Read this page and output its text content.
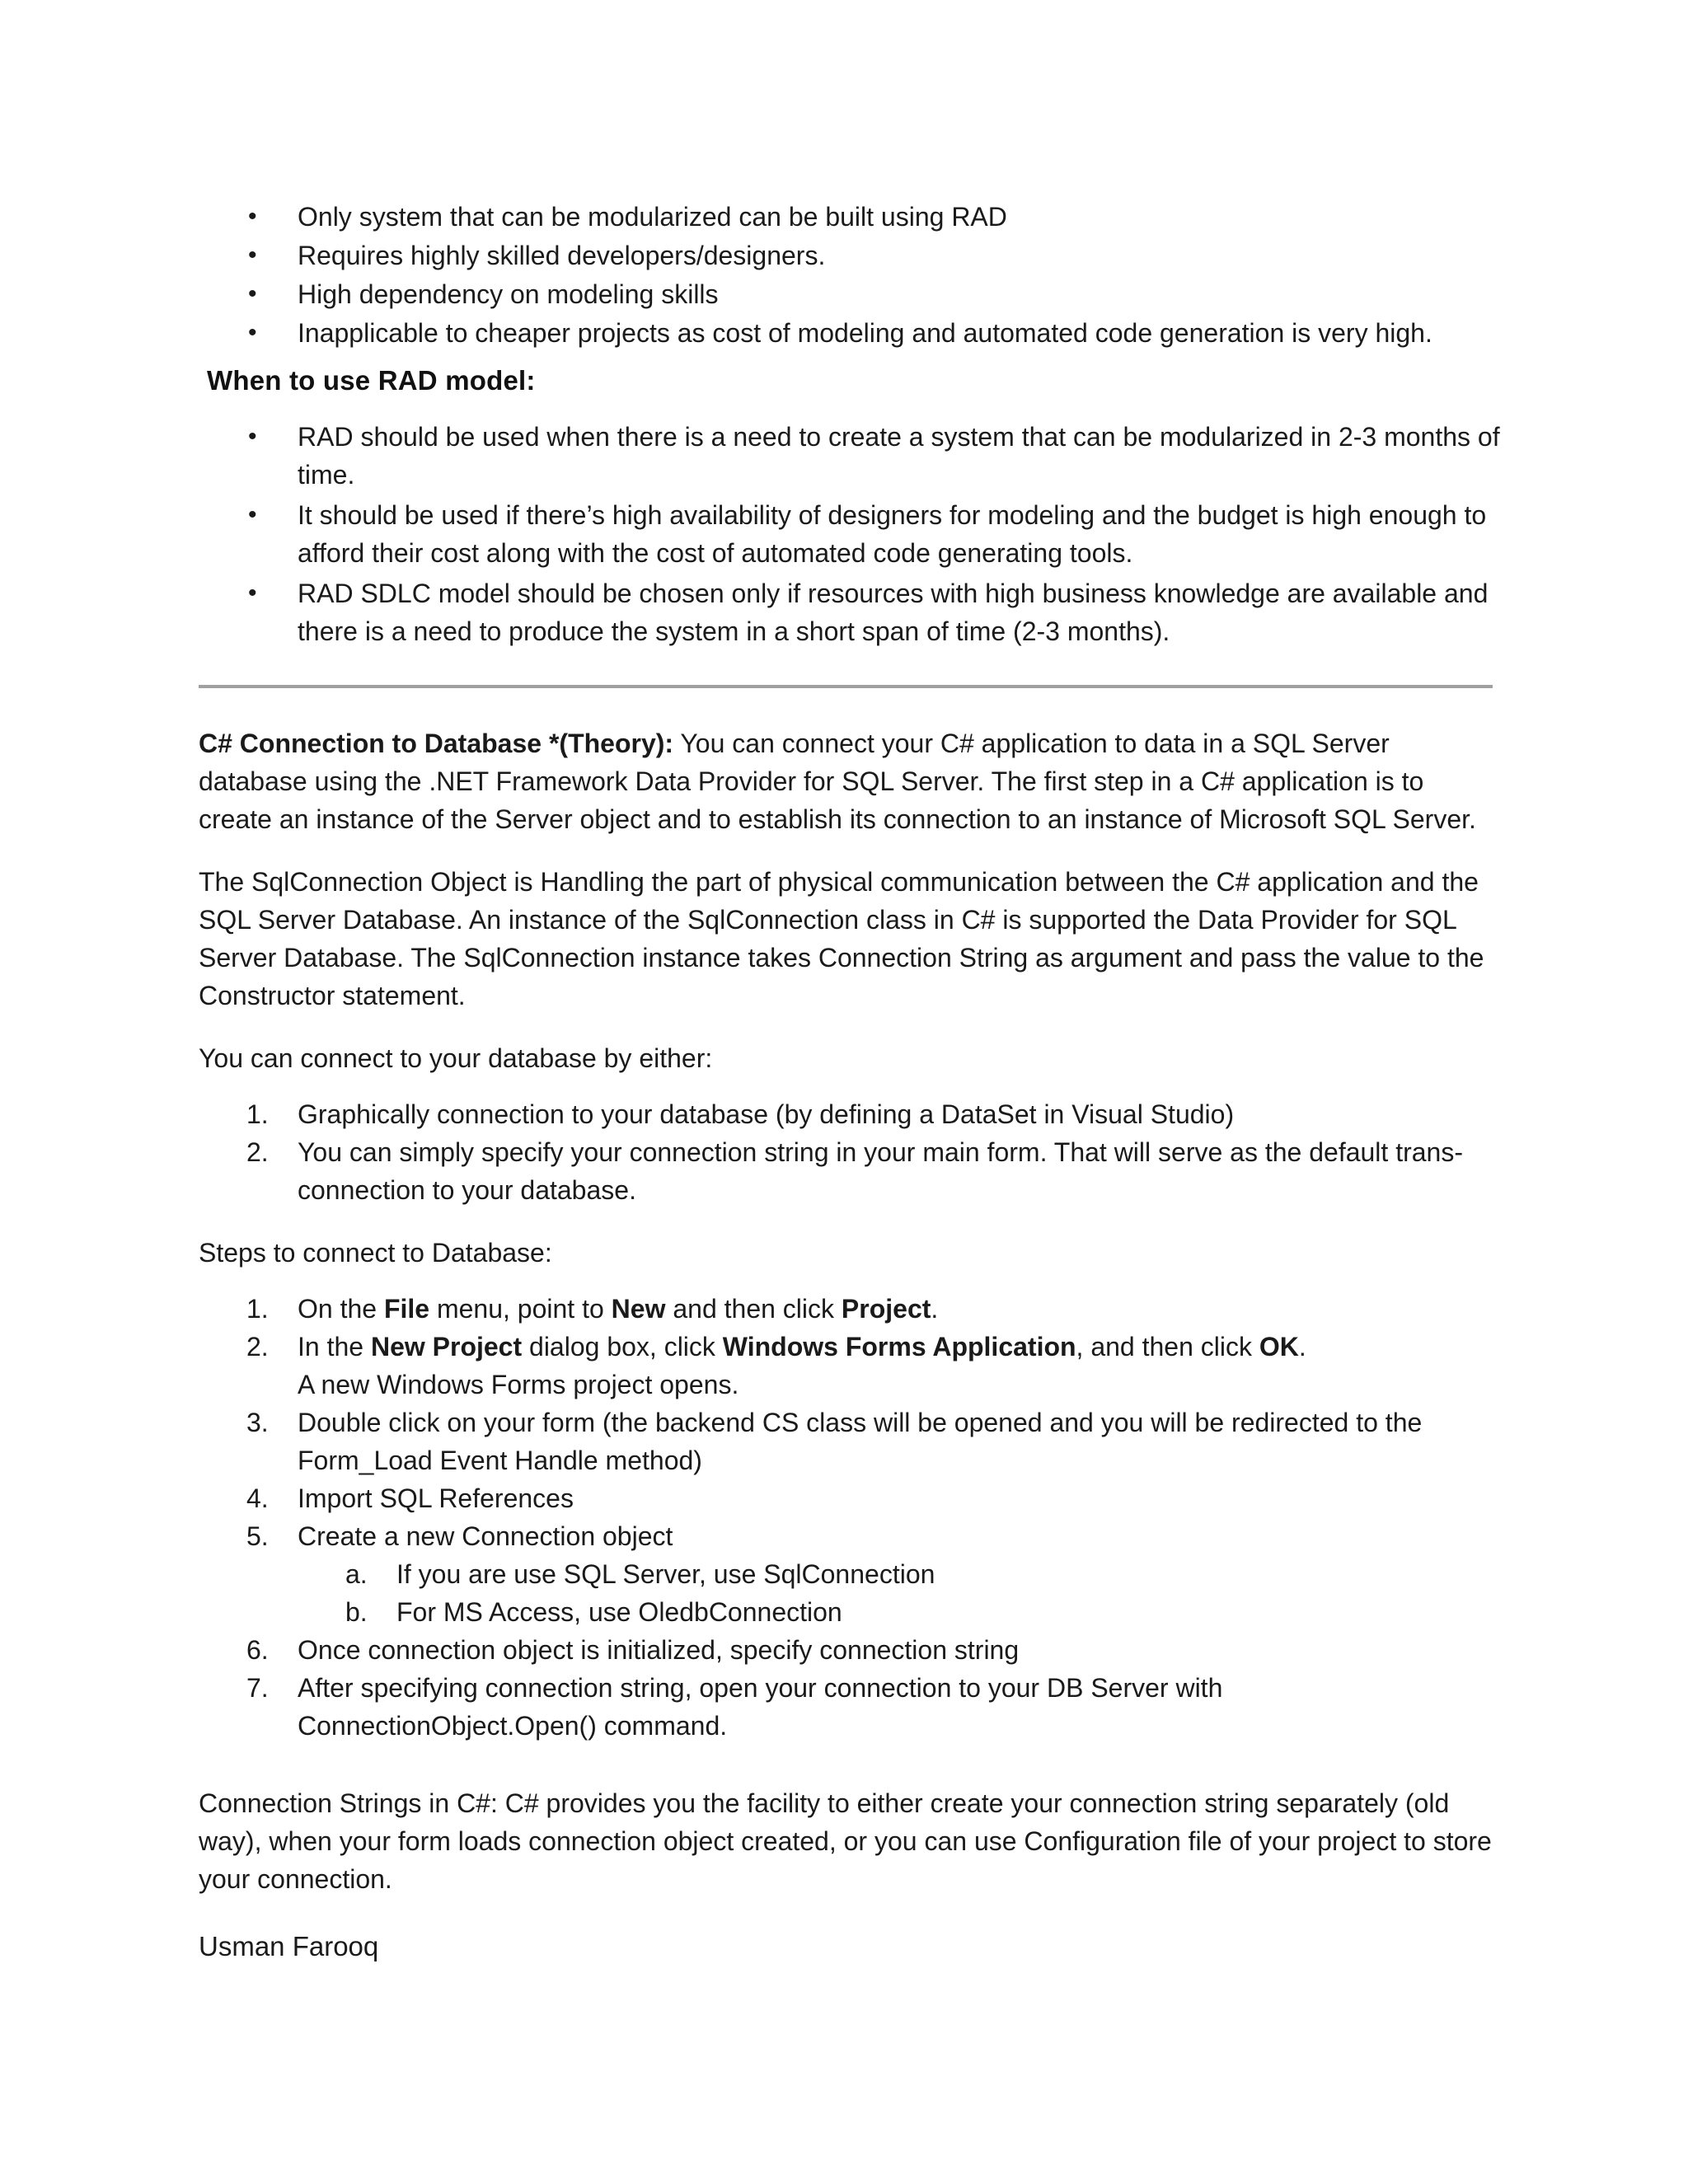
• Only system that can be modularized can be built using RAD
• Requires highly skilled developers/designers.
• High dependency on modeling skills
• Inapplicable to cheaper projects as cost of modeling and automated code generation is very high.
When to use RAD model:
• RAD should be used when there is a need to create a system that can be modularized in 2-3 months of time.
• It should be used if there’s high availability of designers for modeling and the budget is high enough to afford their cost along with the cost of automated code generating tools.
• RAD SDLC model should be chosen only if resources with high business knowledge are available and there is a need to produce the system in a short span of time (2-3 months).

C# Connection to Database *(Theory): You can connect your C# application to data in a SQL Server database using the .NET Framework Data Provider for SQL Server. The first step in a C# application is to create an instance of the Server object and to establish its connection to an instance of Microsoft SQL Server.

The SqlConnection Object is Handling the part of physical communication between the C# application and the SQL Server Database. An instance of the SqlConnection class in C# is supported the Data Provider for SQL Server Database. The SqlConnection instance takes Connection String as argument and pass the value to the Constructor statement.

You can connect to your database by either:

1. Graphically connection to your database (by defining a DataSet in Visual Studio)
2. You can simply specify your connection string in your main form. That will serve as the default trans-connection to your database.

Steps to connect to Database:

1. On the File menu, point to New and then click Project.
2. In the New Project dialog box, click Windows Forms Application, and then click OK.
A new Windows Forms project opens.
3. Double click on your form (the backend CS class will be opened and you will be redirected to the Form_Load Event Handle method)
4. Import SQL References
5. Create a new Connection object
a. If you are use SQL Server, use SqlConnection
b. For MS Access, use OledbConnection
6. Once connection object is initialized, specify connection string
7. After specifying connection string, open your connection to your DB Server with ConnectionObject.Open() command.

Connection Strings in C#: C# provides you the facility to either create your connection string separately (old way), when your form loads connection object created, or you can use Configuration file of your project to store your connection.

Usman Farooq
